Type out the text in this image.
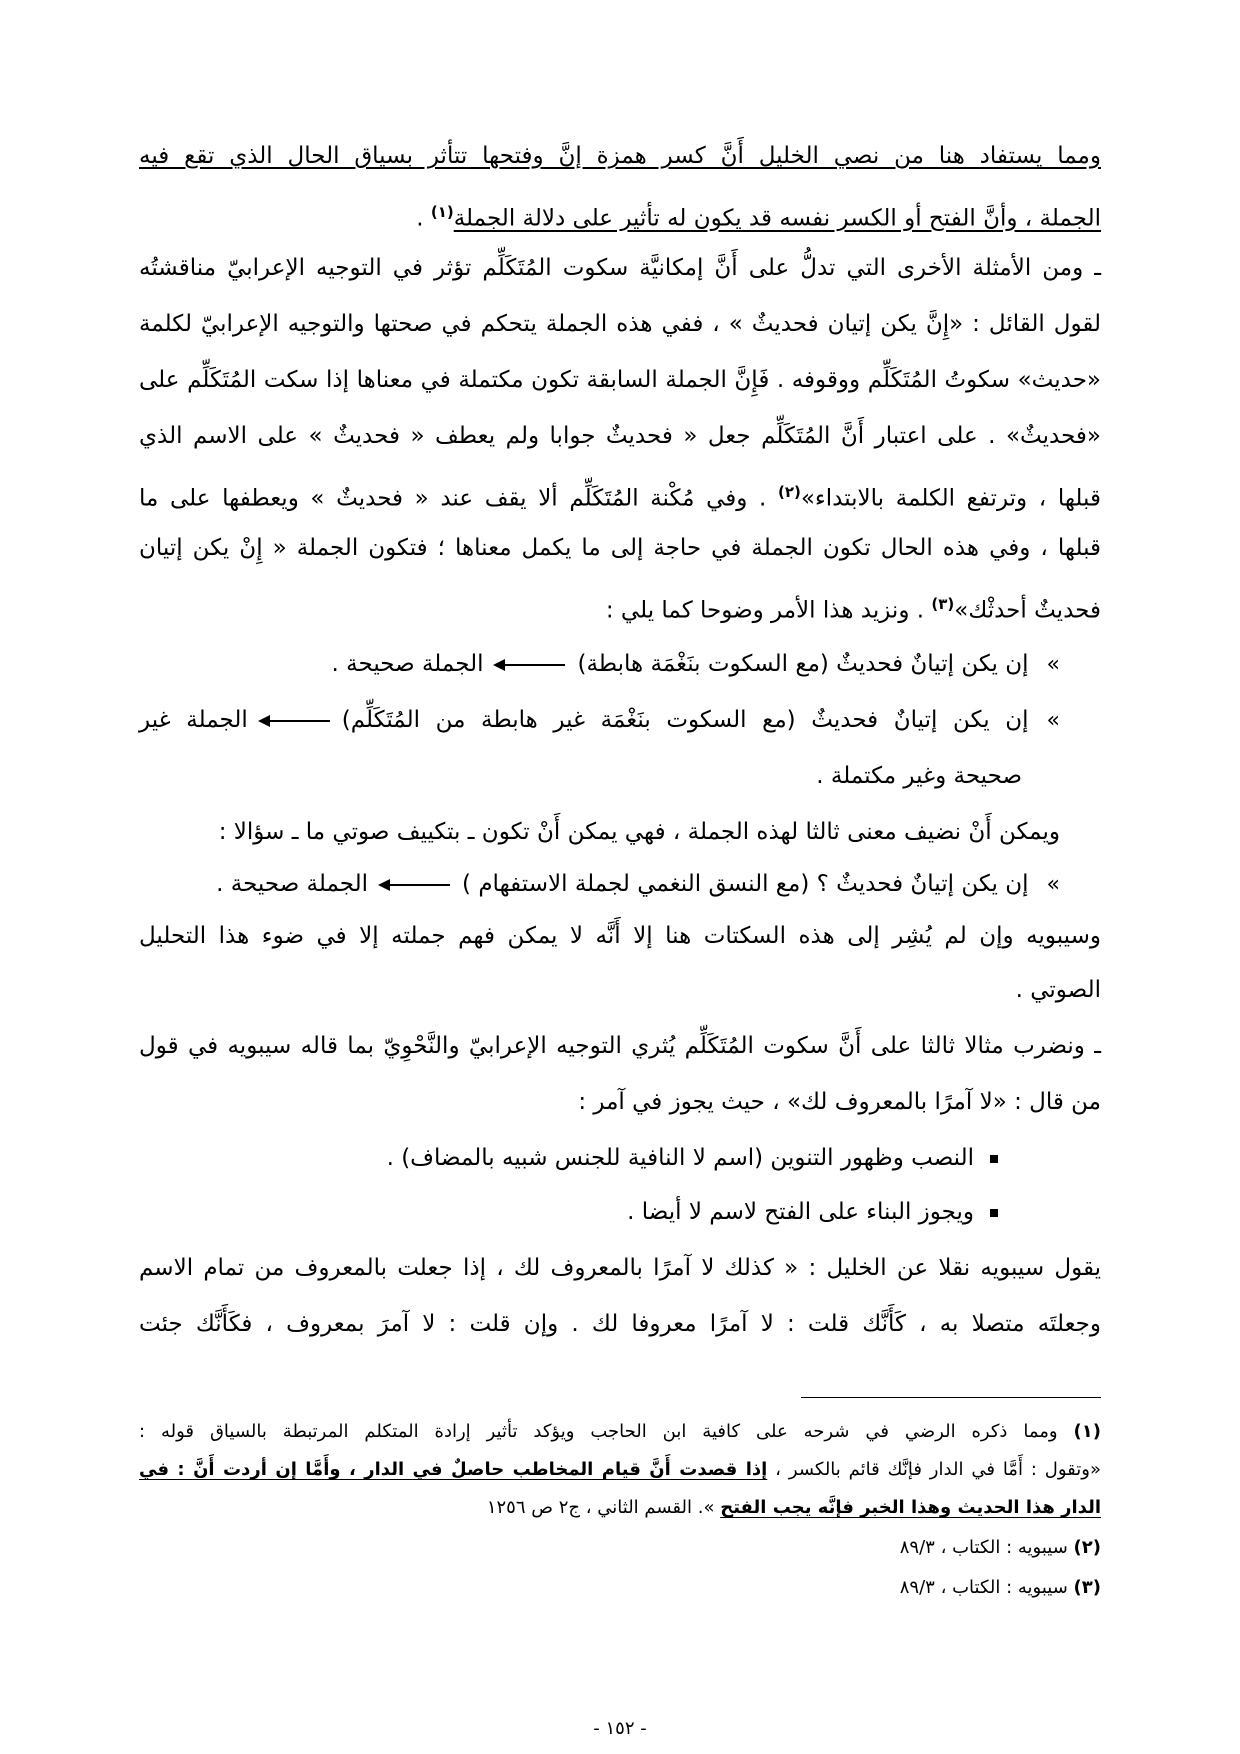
ومما يستفاد هنا من نصي الخليل أَنَّ كسر همزة إنَّ وفتحها تتأثر بسياق الحال الذي تقع فيه
الجملة ، وأنَّ الفتح أو الكسر نفسه قد يكون له تأثير على دلالة الجملة$^{(١)}$ .
ـ ومن الأمثلة الأخرى التي تدلُّ على أَنَّ إمكانيَّة سكوت المُتَكَلِّم تؤثر في التوجيه الإعرابيّ مناقشتُه
لقول القائل : «إِنَّ يكن إتيان فحديثٌ » ، ففي هذه الجملة يتحكم في صحتها والتوجيه الإعرابيّ لكلمة
«حديث» سكوتُ المُتَكَلِّم ووقوفه . فَإِنَّ الجملة السابقة تكون مكتملة في معناها إذا سكت المُتَكَلِّم على
«فحديثٌ» . على اعتبار أَنَّ المُتَكَلِّم جعل « فحديثٌ جوابا ولم يعطف « فحديثٌ » على الاسم الذي
قبلها ، وترتفع الكلمة بالابتداء»$^{(٢)}$ . وفي مُكْنة المُتَكَلِّم ألا يقف عند « فحديثٌ » ويعطفها على ما
قبلها ، وفي هذه الحال تكون الجملة في حاجة إلى ما يكمل معناها ؛ فتكون الجملة « إِنْ يكن إتيان
فحديثٌ أحدثْك»$^{(٣)}$ . ونزيد هذا الأمر وضوحا كما يلي :
»إن يكن إتيانٌ فحديثٌ (مع السكوت بنَغْمَة هابطة)الجملة صحيحة .
»إن يكن إتيانٌ فحديثٌ (مع السكوت بنَغْمَة غير هابطة من المُتَكَلِّم)الجملة غير
صحيحة وغير مكتملة .
ويمكن أَنْ نضيف معنى ثالثا لهذه الجملة ، فهي يمكن أَنْ تكون ـ بتكييف صوتي ما ـ سؤالا :
»إن يكن إتيانٌ فحديثٌ ؟ (مع النسق النغمي لجملة الاستفهام )الجملة صحيحة .
وسيبويه وإن لم يُشِر إلى هذه السكتات هنا إلا أَنَّه لا يمكن فهم جملته إلا في ضوء هذا التحليل
الصوتي .
ـ ونضرب مثالا ثالثا على أَنَّ سكوت المُتَكَلِّم يُثري التوجيه الإعرابيّ والنَّحْوِيّ بما قاله سيبويه في قول
من قال : «لا آمرًا بالمعروف لك» ، حيث يجوز في آمر :
النصب وظهور التنوين (اسم لا النافية للجنس شبيه بالمضاف) .
ويجوز البناء على الفتح لاسم لا أيضا .
يقول سيبويه نقلا عن الخليل : « كذلك لا آمرًا بالمعروف لك ، إذا جعلت بالمعروف من تمام الاسم
وجعلتَه متصلا به ، كَأَنَّك قلت : لا آمرًا معروفا لك . وإن قلت : لا آمرَ بمعروف ، فكَأَنَّك جئت
(١) ومما ذكره الرضي في شرحه على كافية ابن الحاجب ويؤكد تأثير إرادة المتكلم المرتبطة بالسياق قوله :
«وتقول : أَمَّا في الدار فإنَّك قائم بالكسر ، إذا قصدت أَنَّ قيام المخاطب حاصلٌ في الدار ، وأَمَّا إن أردت أَنَّ : في
الدار هذا الحديث وهذا الخبر فإنَّه يجب الفتح ». القسم الثاني ، ج٢ ص ١٢٥٦
(٢) سيبويه : الكتاب ، ٨٩/٣
(٣) سيبويه : الكتاب ، ٨٩/٣
- ١٥٢ -
